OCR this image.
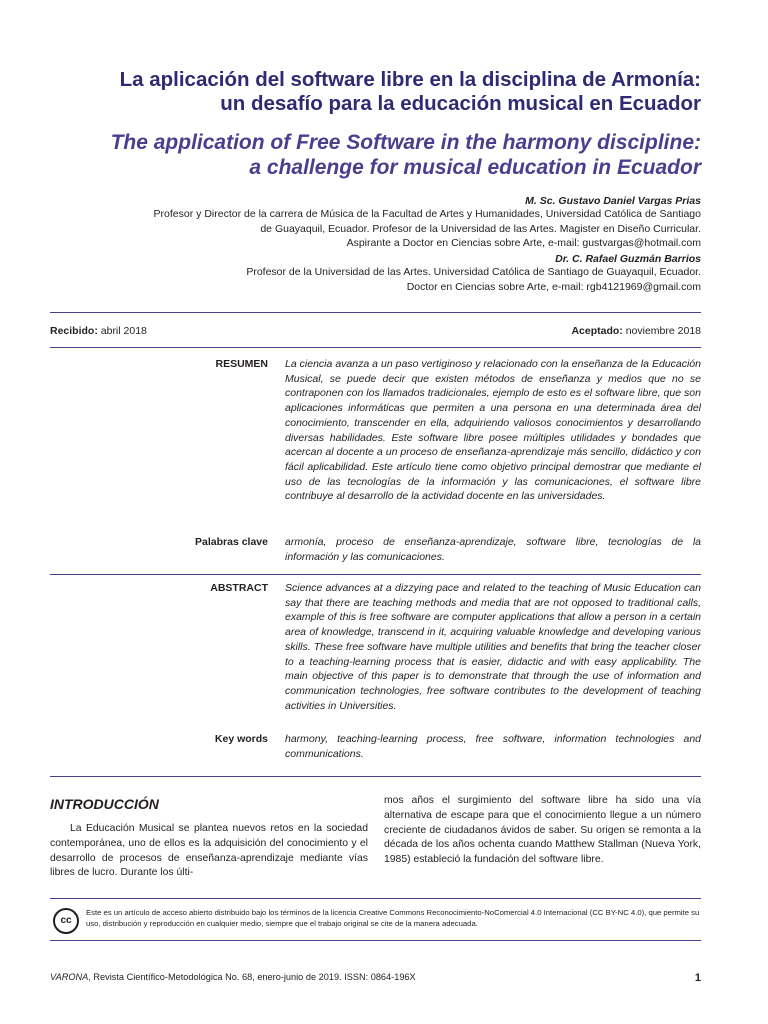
La aplicación del software libre en la disciplina de Armonía:
un desafío para la educación musical en Ecuador
The application of Free Software in the harmony discipline:
a challenge for musical education in Ecuador
M. Sc. Gustavo Daniel Vargas Prias
Profesor y Director de la carrera de Música de la Facultad de Artes y Humanidades, Universidad Católica de Santiago
de Guayaquil, Ecuador. Profesor de la Universidad de las Artes. Magister en Diseño Curricular.
Aspirante a Doctor en Ciencias sobre Arte, e-mail: gustvargas@hotmail.com
Dr. C. Rafael Guzmán Barrios
Profesor de la Universidad de las Artes. Universidad Católica de Santiago de Guayaquil, Ecuador.
Doctor en Ciencias sobre Arte, e-mail: rgb4121969@gmail.com
Recibido: abril 2018	Aceptado: noviembre 2018
RESUMEN La ciencia avanza a un paso vertiginoso y relacionado con la enseñanza de la Educación Musical, se puede decir que existen métodos de enseñanza y medios que no se contraponen con los llamados tradicionales, ejemplo de esto es el software libre, que son aplicaciones informáticas que permiten a una persona en una determinada área del conocimiento, transcender en ella, adquiriendo valiosos conocimientos y desarrollando diversas habilidades. Este software libre posee múltiples utilidades y bondades que acercan al docente a un proceso de enseñanza-aprendizaje más sencillo, didáctico y con fácil aplicabilidad. Este artículo tiene como objetivo principal demostrar que mediante el uso de las tecnologías de la información y las comunicaciones, el software libre contribuye al desarrollo de la actividad docente en las universidades.
Palabras clave armonía, proceso de enseñanza-aprendizaje, software libre, tecnologías de la información y las comunicaciones.
ABSTRACT Science advances at a dizzying pace and related to the teaching of Music Education can say that there are teaching methods and media that are not opposed to traditional calls, example of this is free software are computer applications that allow a person in a certain area of knowledge, transcend in it, acquiring valuable knowledge and developing various skills. These free software have multiple utilities and benefits that bring the teacher closer to a teaching-learning process that is easier, didactic and with easy applicability. The main objective of this paper is to demonstrate that through the use of information and communication technologies, free software contributes to the development of teaching activities in Universities.
Key words harmony, teaching-learning process, free software, information technologies and communications.
INTRODUCCIÓN
La Educación Musical se plantea nuevos retos en la sociedad contemporánea, uno de ellos es la adquisición del conocimiento y el desarrollo de procesos de enseñanza-aprendizaje mediante vías libres de lucro. Durante los últi-
mos años el surgimiento del software libre ha sido una vía alternativa de escape para que el conocimiento llegue a un número creciente de ciudadanos ávidos de saber. Su origen se remonta a la década de los años ochenta cuando Matthew Stallman (Nueva York, 1985) estableció la fundación del software libre.
cc
Este es un artículo de acceso abierto distribuido bajo los términos de la licencia Creative Commons Reconocimiento-NoComercial 4.0 Internacional (CC BY-NC 4.0), que permite su uso, distribución y reproducción en cualquier medio, siempre que el trabajo original se cite de la manera adecuada.
VARONA, Revista Científico-Metodológica No. 68, enero-junio de 2019. ISSN: 0864-196X	1
